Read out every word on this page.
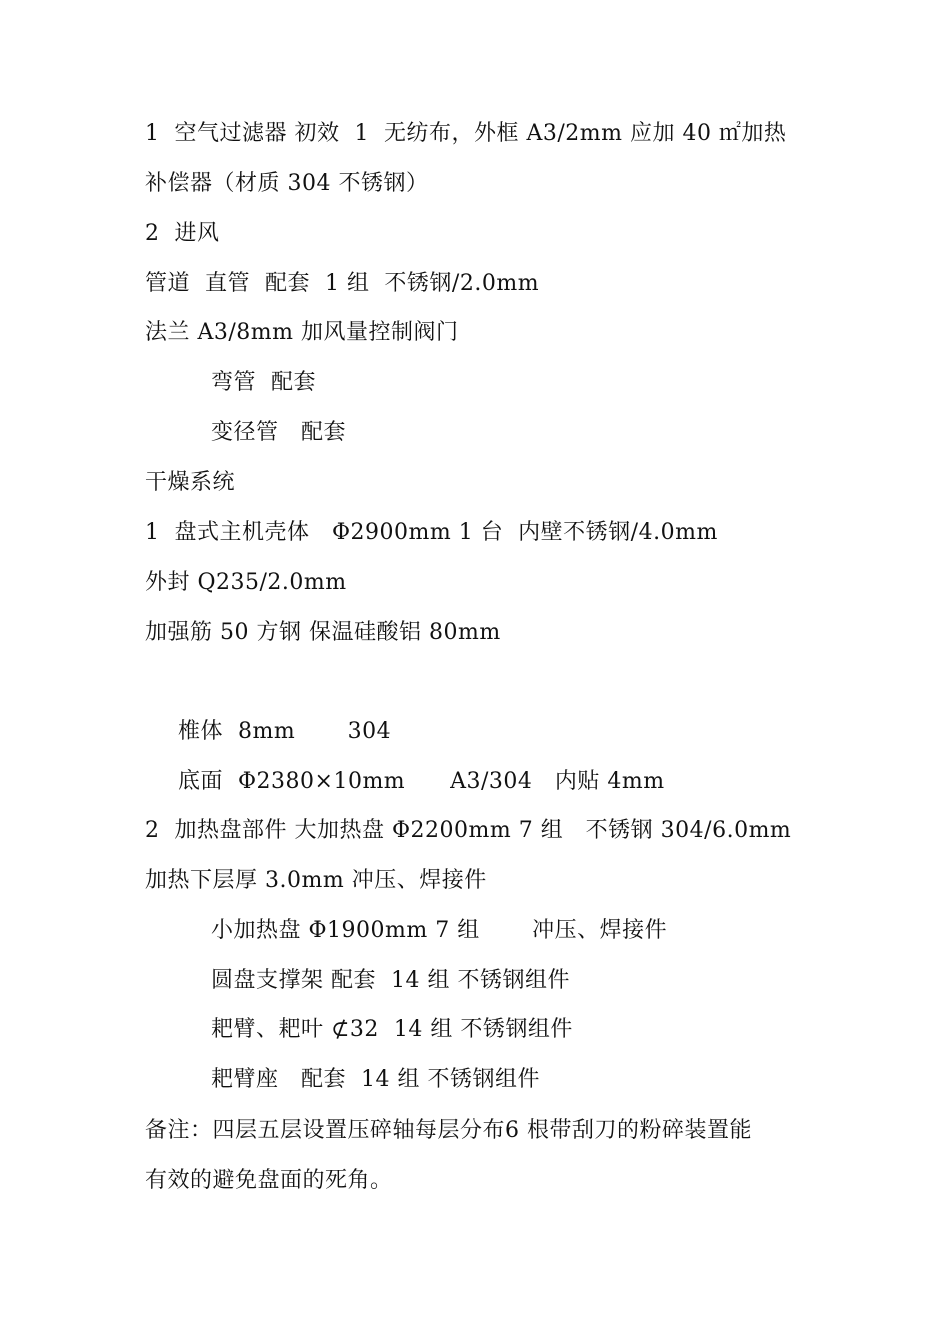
1  空气过滤器 初效  1  无纺布，外框 A3/2mm 应加 40 ㎡加热
补偿器（材质 304 不锈钢）
2  进风
管道  直管  配套  1 组  不锈钢/2.0mm
法兰 A3/8mm 加风量控制阀门
弯管  配套
变径管   配套
干燥系统
1  盘式主机壳体   Φ2900mm 1 台  内壁不锈钢/4.0mm
外封 Q235/2.0mm
加强筋 50 方钢 保温硅酸铝 80mm
椎体  8mm       304
底面  Φ2380×10mm      A3/304   内贴 4mm
2  加热盘部件 大加热盘 Φ2200mm 7 组   不锈钢 304/6.0mm
加热下层厚 3.0mm 冲压、焊接件
小加热盘 Φ1900mm 7 组       冲压、焊接件
圆盘支撑架 配套  14 组 不锈钢组件
耙臂、耙叶 ⊄32  14 组 不锈钢组件
耙臂座   配套  14 组 不锈钢组件
备注：四层五层设置压碎轴每层分布6 根带刮刀的粉碎装置能
有效的避免盘面的死角。
